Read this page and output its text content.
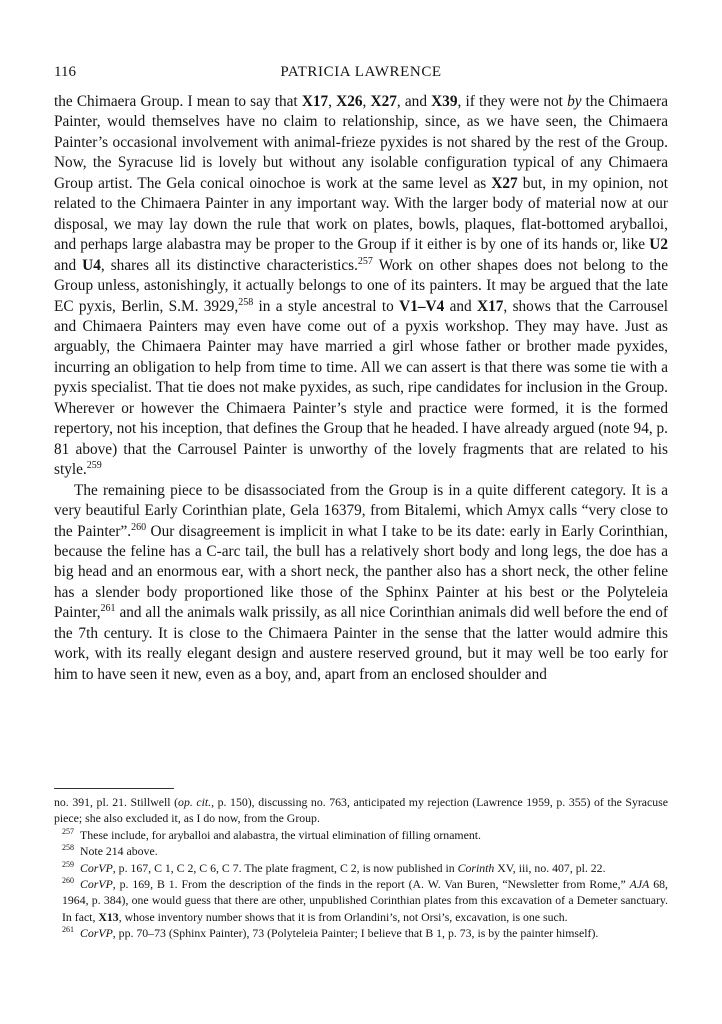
116	PATRICIA LAWRENCE

the Chimaera Group. I mean to say that X17, X26, X27, and X39, if they were not by the Chimaera Painter, would themselves have no claim to relationship, since, as we have seen, the Chimaera Painter’s occasional involvement with animal-frieze pyxides is not shared by the rest of the Group. Now, the Syracuse lid is lovely but without any isolable configuration typical of any Chimaera Group artist. The Gela conical oinochoe is work at the same level as X27 but, in my opinion, not related to the Chimaera Painter in any important way. With the larger body of material now at our disposal, we may lay down the rule that work on plates, bowls, plaques, flat-bottomed aryballoi, and perhaps large alabastra may be proper to the Group if it either is by one of its hands or, like U2 and U4, shares all its distinctive characteristics.$^{257}$ Work on other shapes does not belong to the Group unless, astonishingly, it actually belongs to one of its painters. It may be argued that the late EC pyxis, Berlin, S.M. 3929,$^{258}$ in a style ancestral to V1–V4 and X17, shows that the Carrousel and Chimaera Painters may even have come out of a pyxis workshop. They may have. Just as arguably, the Chimaera Painter may have married a girl whose father or brother made pyxides, incurring an obligation to help from time to time. All we can assert is that there was some tie with a pyxis specialist. That tie does not make pyxides, as such, ripe candidates for inclusion in the Group. Wherever or however the Chimaera Painter’s style and practice were formed, it is the formed repertory, not his inception, that defines the Group that he headed. I have already argued (note 94, p. 81 above) that the Carrousel Painter is unworthy of the lovely fragments that are related to his style.$^{259}$

The remaining piece to be disassociated from the Group is in a quite different category. It is a very beautiful Early Corinthian plate, Gela 16379, from Bitalemi, which Amyx calls “very close to the Painter”.$^{260}$ Our disagreement is implicit in what I take to be its date: early in Early Corinthian, because the feline has a C-arc tail, the bull has a relatively short body and long legs, the doe has a big head and an enormous ear, with a short neck, the panther also has a short neck, the other feline has a slender body proportioned like those of the Sphinx Painter at his best or the Polyteleia Painter,$^{261}$ and all the animals walk prissily, as all nice Corinthian animals did well before the end of the 7th century. It is close to the Chimaera Painter in the sense that the latter would admire this work, with its really elegant design and austere reserved ground, but it may well be too early for him to have seen it new, even as a boy, and, apart from an enclosed shoulder and

no. 391, pl. 21. Stillwell (op. cit., p. 150), discussing no. 763, anticipated my rejection (Lawrence 1959, p. 355) of the Syracuse piece; she also excluded it, as I do now, from the Group.

$^{257}$ These include, for aryballoi and alabastra, the virtual elimination of filling ornament.

$^{258}$ Note 214 above.

$^{259}$ CorVP, p. 167, C 1, C 2, C 6, C 7. The plate fragment, C 2, is now published in Corinth XV, iii, no. 407, pl. 22.

$^{260}$ CorVP, p. 169, B 1. From the description of the finds in the report (A. W. Van Buren, “Newsletter from Rome,” AJA 68, 1964, p. 384), one would guess that there are other, unpublished Corinthian plates from this excavation of a Demeter sanctuary. In fact, X13, whose inventory number shows that it is from Orlandini’s, not Orsi’s, excavation, is one such.

$^{261}$ CorVP, pp. 70–73 (Sphinx Painter), 73 (Polyteleia Painter; I believe that B 1, p. 73, is by the painter himself).
